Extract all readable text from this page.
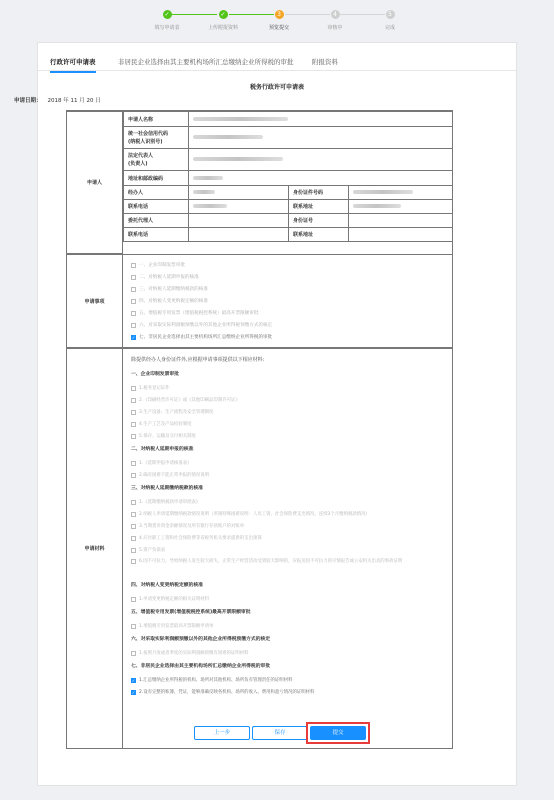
✓
填写申请表
✓
上传附报资料
3
预览提交
4
审核中
5
完成
行政许可申请表	非居民企业选择由其主要机构场所汇总缴纳企业所得税的审批	附报资料
税务行政许可申请表
申请日期： 2018 年 11 月 20 日
申请人
申请人名称			
统一社会信用代码
(纳税人识别号)			
法定代表人
(负责人)			
地址和邮政编码			
经办人		身份证件号码	
联系电话		联系地址	
委托代理人		身份证号	
联系电话		联系地址	
申请事项
一、企业印制发票审批
二、对纳税人延期申报的核准
三、对纳税人延期缴纳税款的核准
四、对纳税人变更纳税定额的核准
五、增值税专用发票（增值税税控系统）最高开票限额审批
六、对采取实际利润额预缴以外的其他企业所得税预缴方式的核定
✓ 七、非居民企业选择由其主要机构场所汇总缴纳企业所得税的审批
申请材料
除提供经办人身份证件外,应根据申请事项提供以下相应材料:
一、企业印制发票审批
1.税务登记证件
2.《印刷经营许可证》或《其他印刷品印制许可证》
3.生产设备、生产流程及安全管理制度
4.生产工艺及产品检验制度
5.保存、运输及交付相关制度
二、对纳税人延期申报的核准
1.《延期申报申请核准表》
2.确有困难不能正常申报的情况说明
三、对纳税人延期缴纳税款的核准
1.《延期缴纳税款申请审批表》
2.纳税人申请延期缴纳税款情况说明（所遇特殊困难说明：人员工资、社会保险费支出情况，连续3个月缴纳税款情况）
3.当期货币资金余额情况及所有银行存款账户的对账单
4.应付职工工资和社会保险费等省税务机关要求提供的支出预算
5.资产负债表
6.因不可抗力，导致纳税人发生较大损失，正常生产经营活动受到较大影响的，应报送因不可抗力的灾情报告或公安机关出具的事故证明
四、对纳税人变更纳税定额的核准
1.申请变更纳税定额的相关证明材料
五、增值税专用发票(增值税税控系统)最高开票限额审批
1.增值税专用发票最高开票限额申请单
六、对采取实际利润额预缴以外的其他企业所得税预缴方式的核定
1.按照月度或者季度的实际利润额预缴有困难的证明材料
七、非居民企业选择由其主要机构场所汇总缴纳企业所得税的审批
✓ 1.汇总缴纳企业所得税的机构、场所对其他机构、场所负有管理责任的证明材料
✓ 2.设有完整的账簿、凭证，能够准确反映各机构、场所的收入、费用和盈亏情况的证明材料
上一步	保存	提交
